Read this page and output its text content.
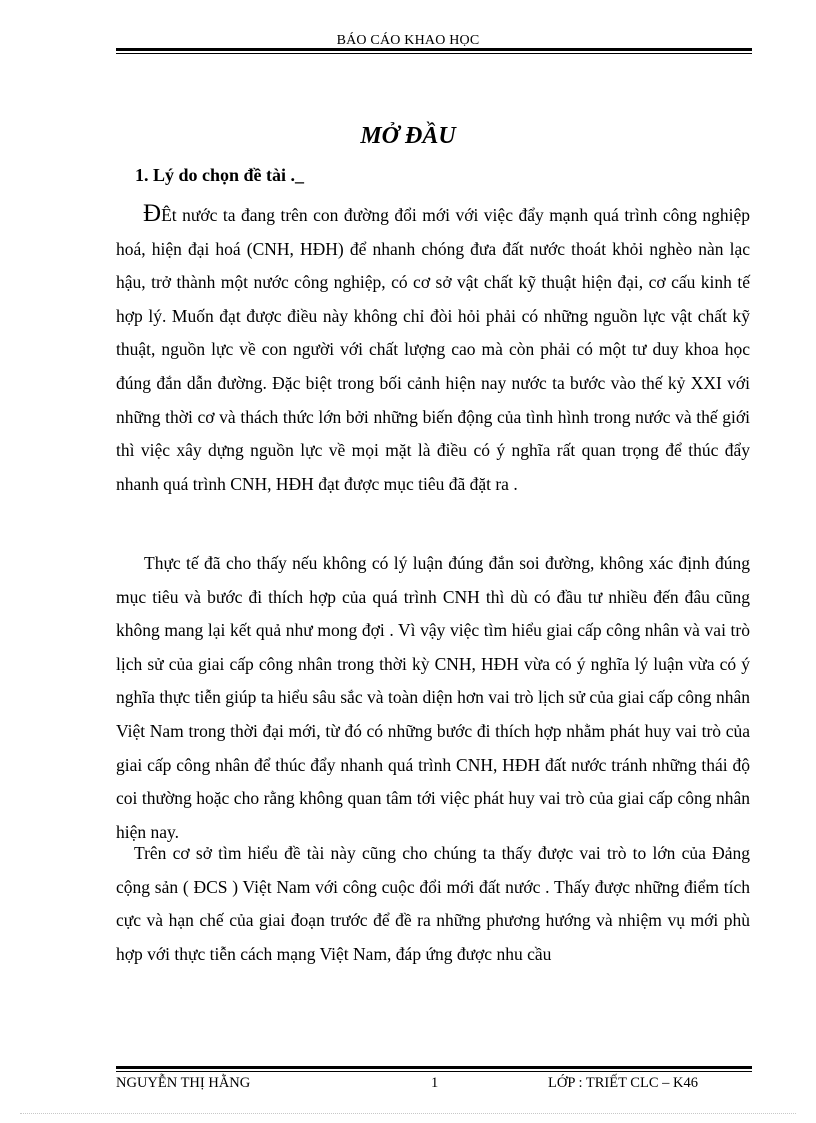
BÁO CÁO KHAO HỌC
MỞ ĐẦU
1. Lý do chọn đề tài ._
ĐÊt nước ta đang trên con đường đổi mới với việc đẩy mạnh quá trình công nghiệp hoá, hiện đại hoá (CNH, HĐH) để nhanh chóng đưa đất nước thoát khỏi nghèo nàn lạc hậu, trở thành một nước công nghiệp, có cơ sở vật chất kỹ thuật hiện đại, cơ cấu kinh tế hợp lý. Muốn đạt được điều này không chỉ đòi hỏi phải có những nguồn lực vật chất kỹ thuật, nguồn lực về con người với chất lượng cao mà còn phải có một tư duy khoa học đúng đắn dẫn đường. Đặc biệt trong bối cảnh hiện nay nước ta bước vào thế kỷ XXI với những thời cơ và thách thức lớn bởi những biến động của tình hình trong nước và thế giới thì việc xây dựng nguồn lực về mọi mặt là điều có ý nghĩa rất quan trọng để thúc đẩy nhanh quá trình CNH, HĐH đạt được mục tiêu đã đặt ra .
Thực tế đã cho thấy nếu không có lý luận đúng đắn soi đường, không xác định đúng mục tiêu và bước đi thích hợp của quá trình CNH thì dù có đầu tư nhiều đến đâu cũng không mang lại kết quả như mong đợi . Vì vậy việc tìm hiểu giai cấp công nhân và vai trò lịch sử của giai cấp công nhân trong thời kỳ CNH, HĐH vừa có ý nghĩa lý luận vừa có ý nghĩa thực tiễn giúp ta hiểu sâu sắc và toàn diện hơn vai trò lịch sử của giai cấp công nhân Việt Nam trong thời đại mới, từ đó có những bước đi thích hợp nhằm phát huy vai trò của giai cấp công nhân để thúc đẩy nhanh quá trình CNH, HĐH đất nước tránh những thái độ coi thường hoặc cho rằng không quan tâm tới việc phát huy vai trò của giai cấp công nhân hiện nay.
Trên cơ sở tìm hiểu đề tài này cũng cho chúng ta thấy được vai trò to lớn của Đảng cộng sản ( ĐCS ) Việt Nam với công cuộc đổi mới đất nước . Thấy được những điểm tích cực và hạn chế của giai đoạn trước để đề ra những phương hướng và nhiệm vụ mới phù hợp với thực tiễn cách mạng Việt Nam, đáp ứng được nhu cầu
NGUYỄN THỊ HẰNG	1	LỚP : TRIẾT CLC – K46
